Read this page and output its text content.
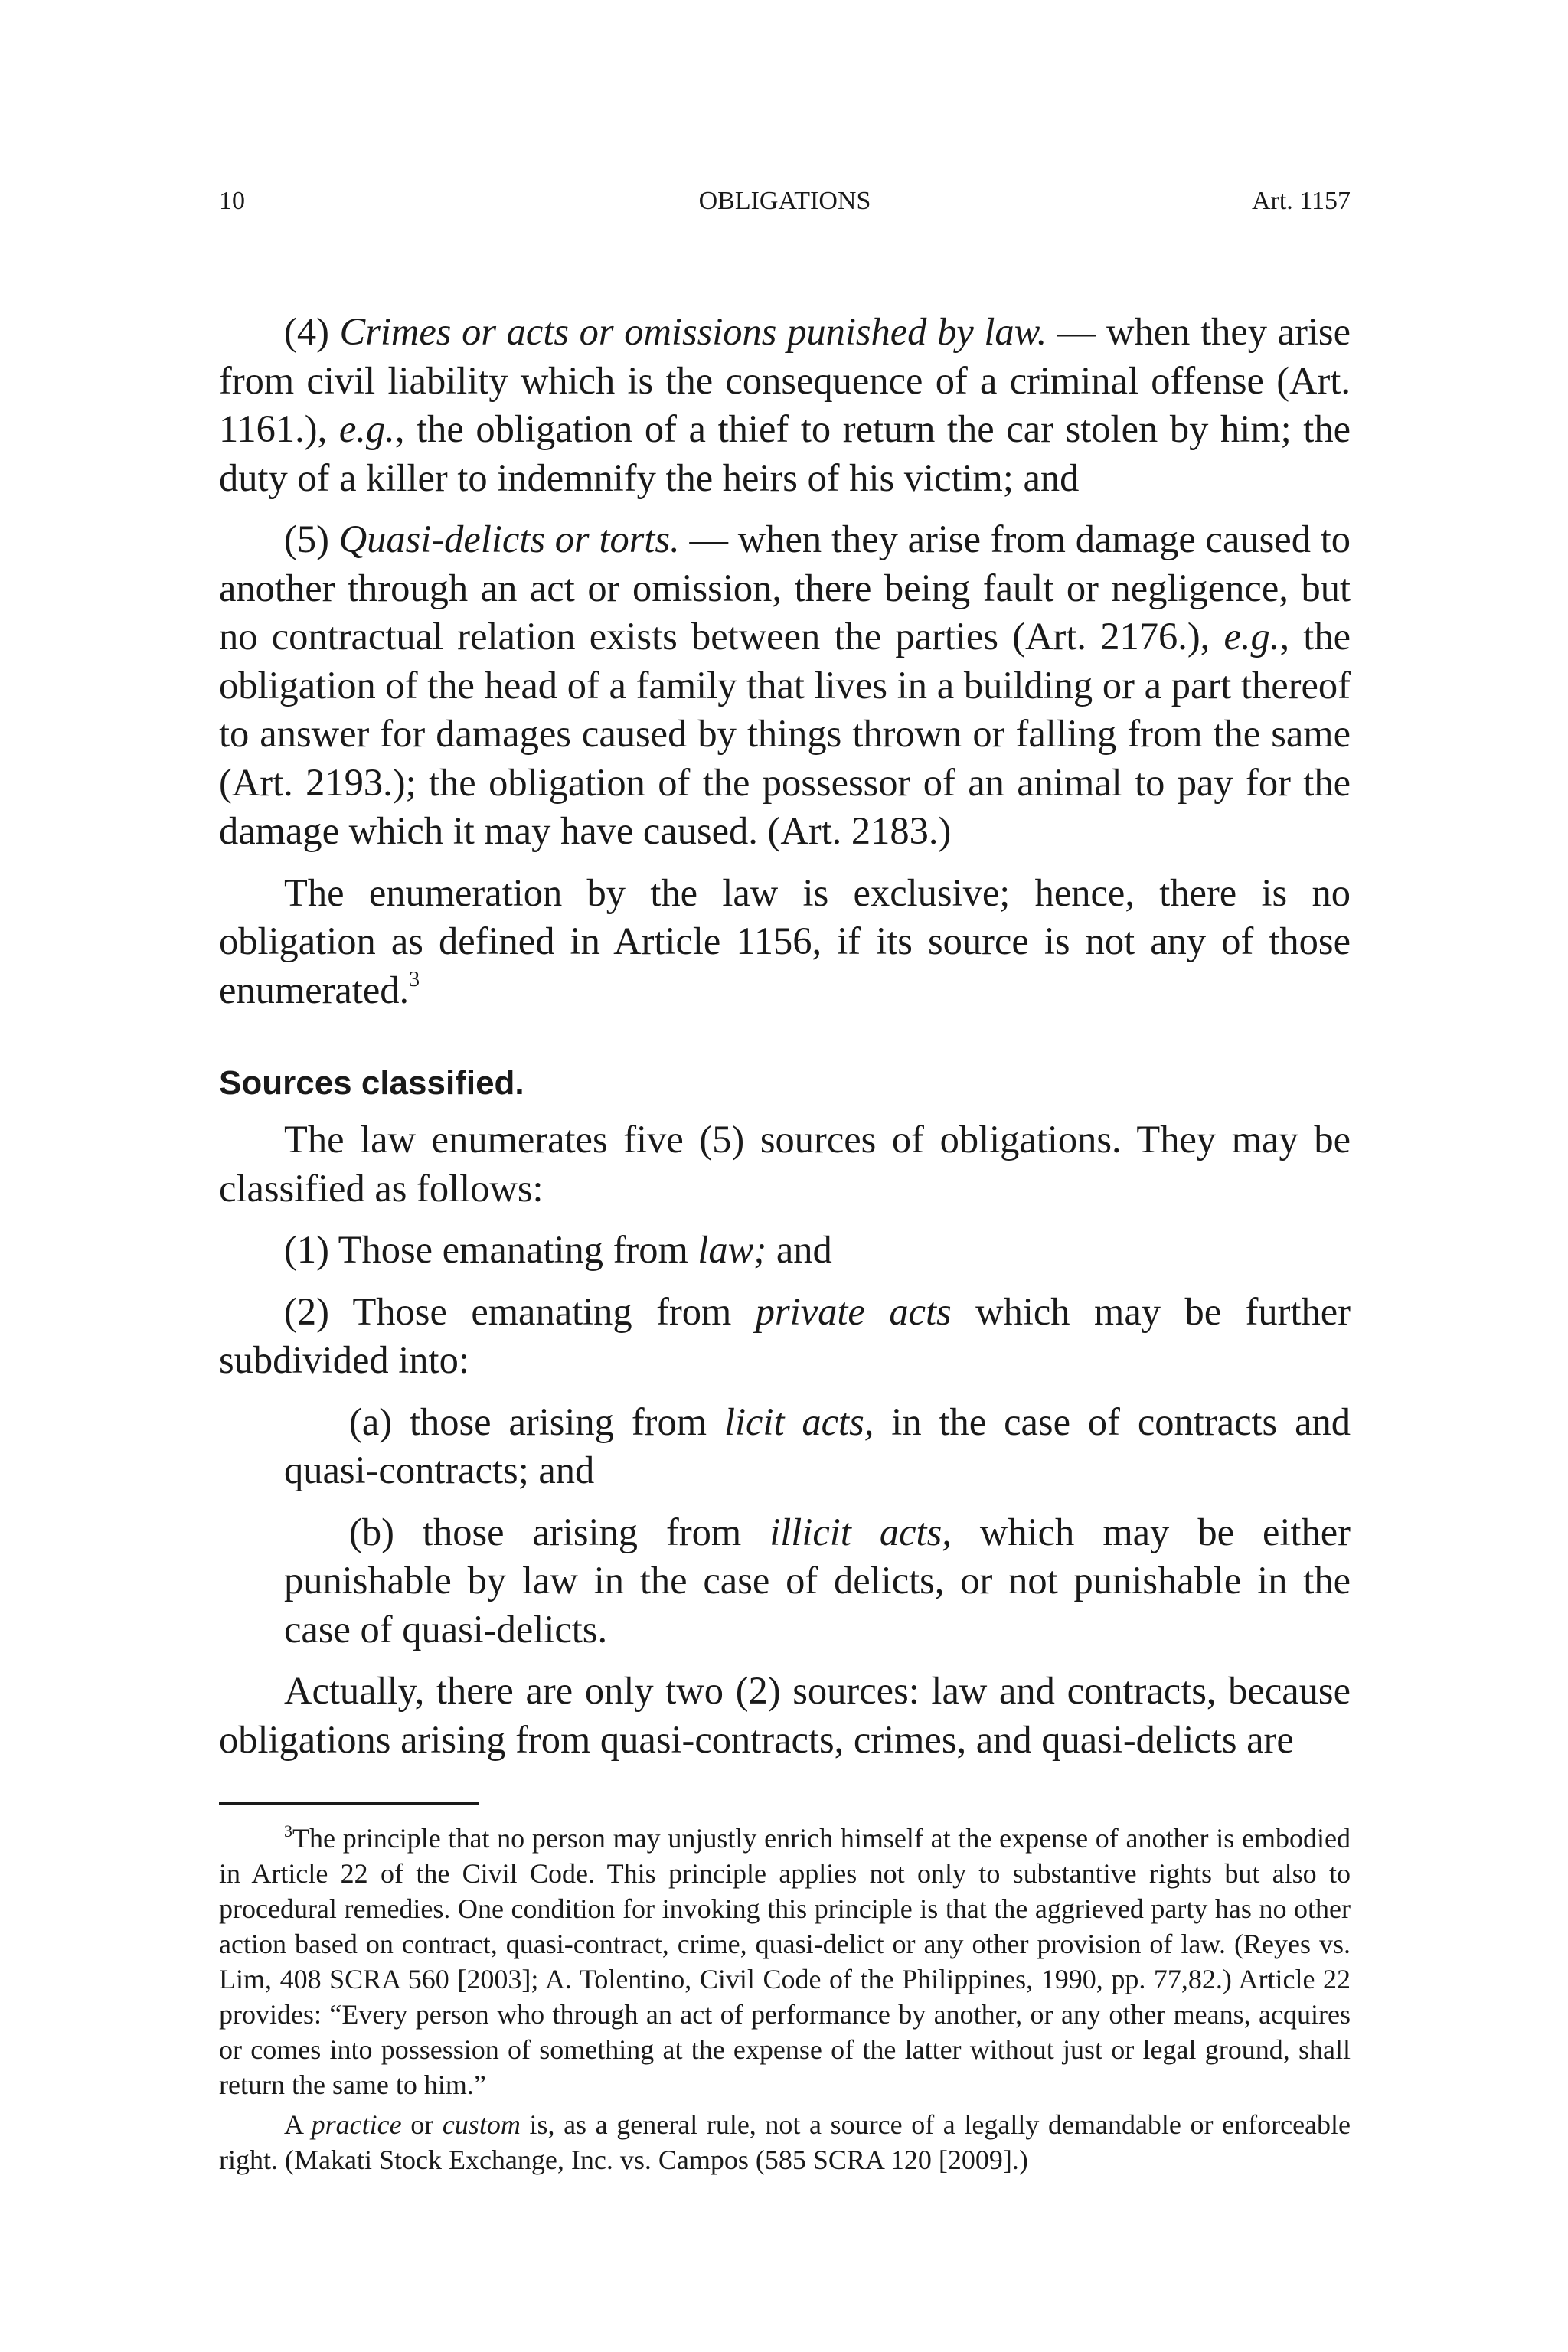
10	OBLIGATIONS	Art. 1157

(4) Crimes or acts or omissions punished by law. — when they arise from civil liability which is the consequence of a criminal offense (Art. 1161.), e.g., the obligation of a thief to return the car stolen by him; the duty of a killer to indemnify the heirs of his victim; and

(5) Quasi-delicts or torts. — when they arise from damage caused to another through an act or omission, there being fault or negligence, but no contractual relation exists between the parties (Art. 2176.), e.g., the obligation of the head of a family that lives in a building or a part thereof to answer for damages caused by things thrown or falling from the same (Art. 2193.); the obligation of the possessor of an animal to pay for the damage which it may have caused. (Art. 2183.)

The enumeration by the law is exclusive; hence, there is no obligation as defined in Article 1156, if its source is not any of those enumerated.$^3$

Sources classified.

The law enumerates five (5) sources of obligations. They may be classified as follows:

(1) Those emanating from law; and

(2) Those emanating from private acts which may be further subdivided into:

(a) those arising from licit acts, in the case of contracts and quasi-contracts; and

(b) those arising from illicit acts, which may be either punishable by law in the case of delicts, or not punishable in the case of quasi-delicts.

Actually, there are only two (2) sources: law and contracts, because obligations arising from quasi-contracts, crimes, and quasi-delicts are

$^3$The principle that no person may unjustly enrich himself at the expense of another is embodied in Article 22 of the Civil Code. This principle applies not only to substantive rights but also to procedural remedies. One condition for invoking this principle is that the aggrieved party has no other action based on contract, quasi-contract, crime, quasi-delict or any other provision of law. (Reyes vs. Lim, 408 SCRA 560 [2003]; A. Tolentino, Civil Code of the Philippines, 1990, pp. 77,82.) Article 22 provides: “Every person who through an act of performance by another, or any other means, acquires or comes into possession of something at the expense of the latter without just or legal ground, shall return the same to him.”

A practice or custom is, as a general rule, not a source of a legally demandable or enforceable right. (Makati Stock Exchange, Inc. vs. Campos (585 SCRA 120 [2009].)
